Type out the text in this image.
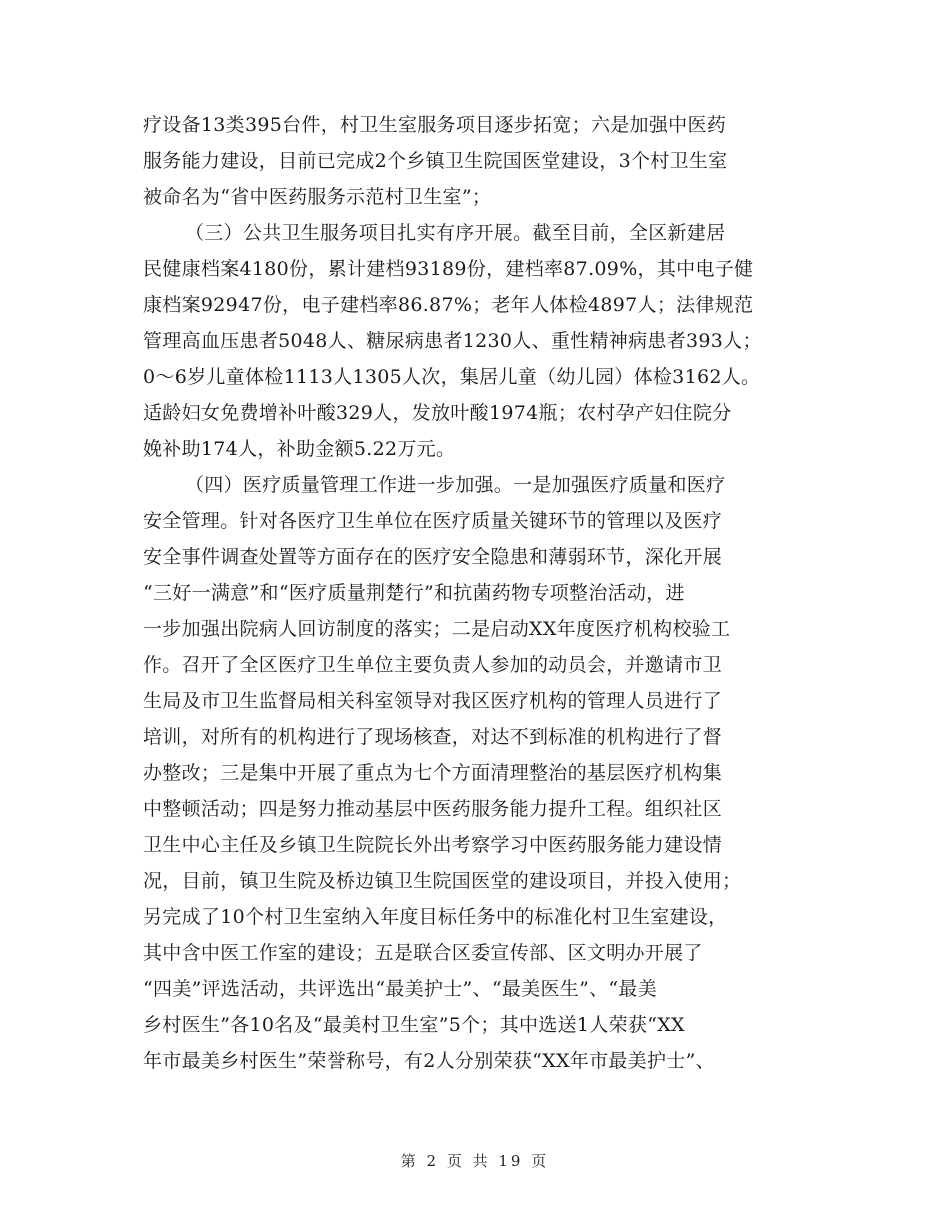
疗设备13类395台件，村卫生室服务项目逐步拓宽；六是加强中医药
服务能力建设，目前已完成2个乡镇卫生院国医堂建设，3个村卫生室
被命名为“省中医药服务示范村卫生室”；
（三）公共卫生服务项目扎实有序开展。截至目前，全区新建居
民健康档案4180份，累计建档93189份，建档率87.09%，其中电子健
康档案92947份，电子建档率86.87%；老年人体检4897人；法律规范
管理高血压患者5048人、糖尿病患者1230人、重性精神病患者393人；
0～6岁儿童体检1113人1305人次，集居儿童（幼儿园）体检3162人。
适龄妇女免费增补叶酸329人，发放叶酸1974瓶；农村孕产妇住院分
娩补助174人，补助金额5.22万元。
（四）医疗质量管理工作进一步加强。一是加强医疗质量和医疗
安全管理。针对各医疗卫生单位在医疗质量关键环节的管理以及医疗
安全事件调查处置等方面存在的医疗安全隐患和薄弱环节，深化开展
“三好一满意”和“医疗质量荆楚行”和抗菌药物专项整治活动，进
一步加强出院病人回访制度的落实；二是启动XX年度医疗机构校验工
作。召开了全区医疗卫生单位主要负责人参加的动员会，并邀请市卫
生局及市卫生监督局相关科室领导对我区医疗机构的管理人员进行了
培训，对所有的机构进行了现场核查，对达不到标准的机构进行了督
办整改；三是集中开展了重点为七个方面清理整治的基层医疗机构集
中整顿活动；四是努力推动基层中医药服务能力提升工程。组织社区
卫生中心主任及乡镇卫生院院长外出考察学习中医药服务能力建设情
况，目前，镇卫生院及桥边镇卫生院国医堂的建设项目，并投入使用；
另完成了10个村卫生室纳入年度目标任务中的标准化村卫生室建设，
其中含中医工作室的建设；五是联合区委宣传部、区文明办开展了
“四美”评选活动，共评选出“最美护士”、“最美医生”、“最美
乡村医生”各10名及“最美村卫生室”5个；其中选送1人荣获“XX
年市最美乡村医生”荣誉称号，有2人分别荣获“XX年市最美护士”、
第 2 页 共 19 页
